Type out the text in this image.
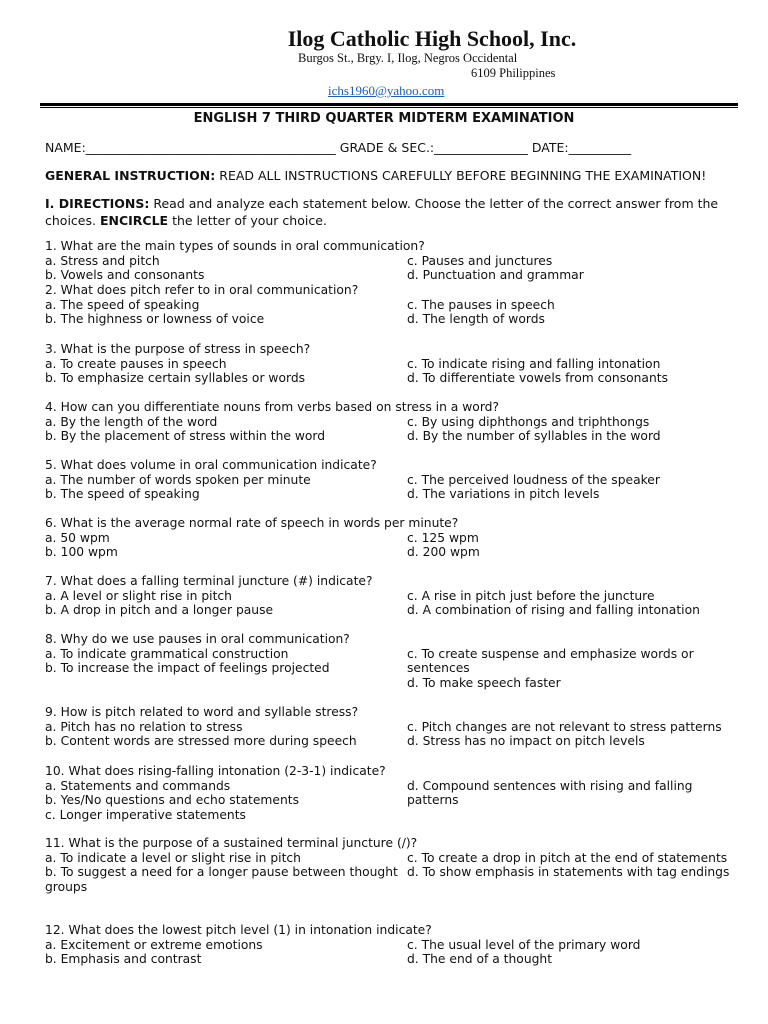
Ilog Catholic High School, Inc.
Burgos St., Brgy. I, Ilog, Negros Occidental
6109 Philippines
ichs1960@yahoo.com
ENGLISH 7 THIRD QUARTER MIDTERM EXAMINATION
NAME:________________________________________ GRADE & SEC.:_______________ DATE:__________
GENERAL INSTRUCTION: READ ALL INSTRUCTIONS CAREFULLY BEFORE BEGINNING THE EXAMINATION!
I. DIRECTIONS: Read and analyze each statement below. Choose the letter of the correct answer from the choices. ENCIRCLE the letter of your choice.
1. What are the main types of sounds in oral communication?
a. Stress and pitch
b. Vowels and consonants
c. Pauses and junctures
d. Punctuation and grammar
2. What does pitch refer to in oral communication?
a. The speed of speaking
b. The highness or lowness of voice
c. The pauses in speech
d. The length of words
3. What is the purpose of stress in speech?
a. To create pauses in speech
b. To emphasize certain syllables or words
c. To indicate rising and falling intonation
d. To differentiate vowels from consonants
4. How can you differentiate nouns from verbs based on stress in a word?
a. By the length of the word
b. By the placement of stress within the word
c. By using diphthongs and triphthongs
d. By the number of syllables in the word
5. What does volume in oral communication indicate?
a. The number of words spoken per minute
b. The speed of speaking
c. The perceived loudness of the speaker
d. The variations in pitch levels
6. What is the average normal rate of speech in words per minute?
a. 50 wpm
b. 100 wpm
c. 125 wpm
d. 200 wpm
7. What does a falling terminal juncture (#) indicate?
a. A level or slight rise in pitch
b. A drop in pitch and a longer pause
c. A rise in pitch just before the juncture
d. A combination of rising and falling intonation
8. Why do we use pauses in oral communication?
a. To indicate grammatical construction
b. To increase the impact of feelings projected
c. To create suspense and emphasize words or sentences
d. To make speech faster
9. How is pitch related to word and syllable stress?
a. Pitch has no relation to stress
b. Content words are stressed more during speech
c. Pitch changes are not relevant to stress patterns
d. Stress has no impact on pitch levels
10. What does rising-falling intonation (2-3-1) indicate?
a. Statements and commands
b. Yes/No questions and echo statements
c. Longer imperative statements
d. Compound sentences with rising and falling patterns
11. What is the purpose of a sustained terminal juncture (/)?
a. To indicate a level or slight rise in pitch
b. To suggest a need for a longer pause between thought groups
c. To create a drop in pitch at the end of statements
d. To show emphasis in statements with tag endings
12. What does the lowest pitch level (1) in intonation indicate?
a. Excitement or extreme emotions
b. Emphasis and contrast
c. The usual level of the primary word
d. The end of a thought
